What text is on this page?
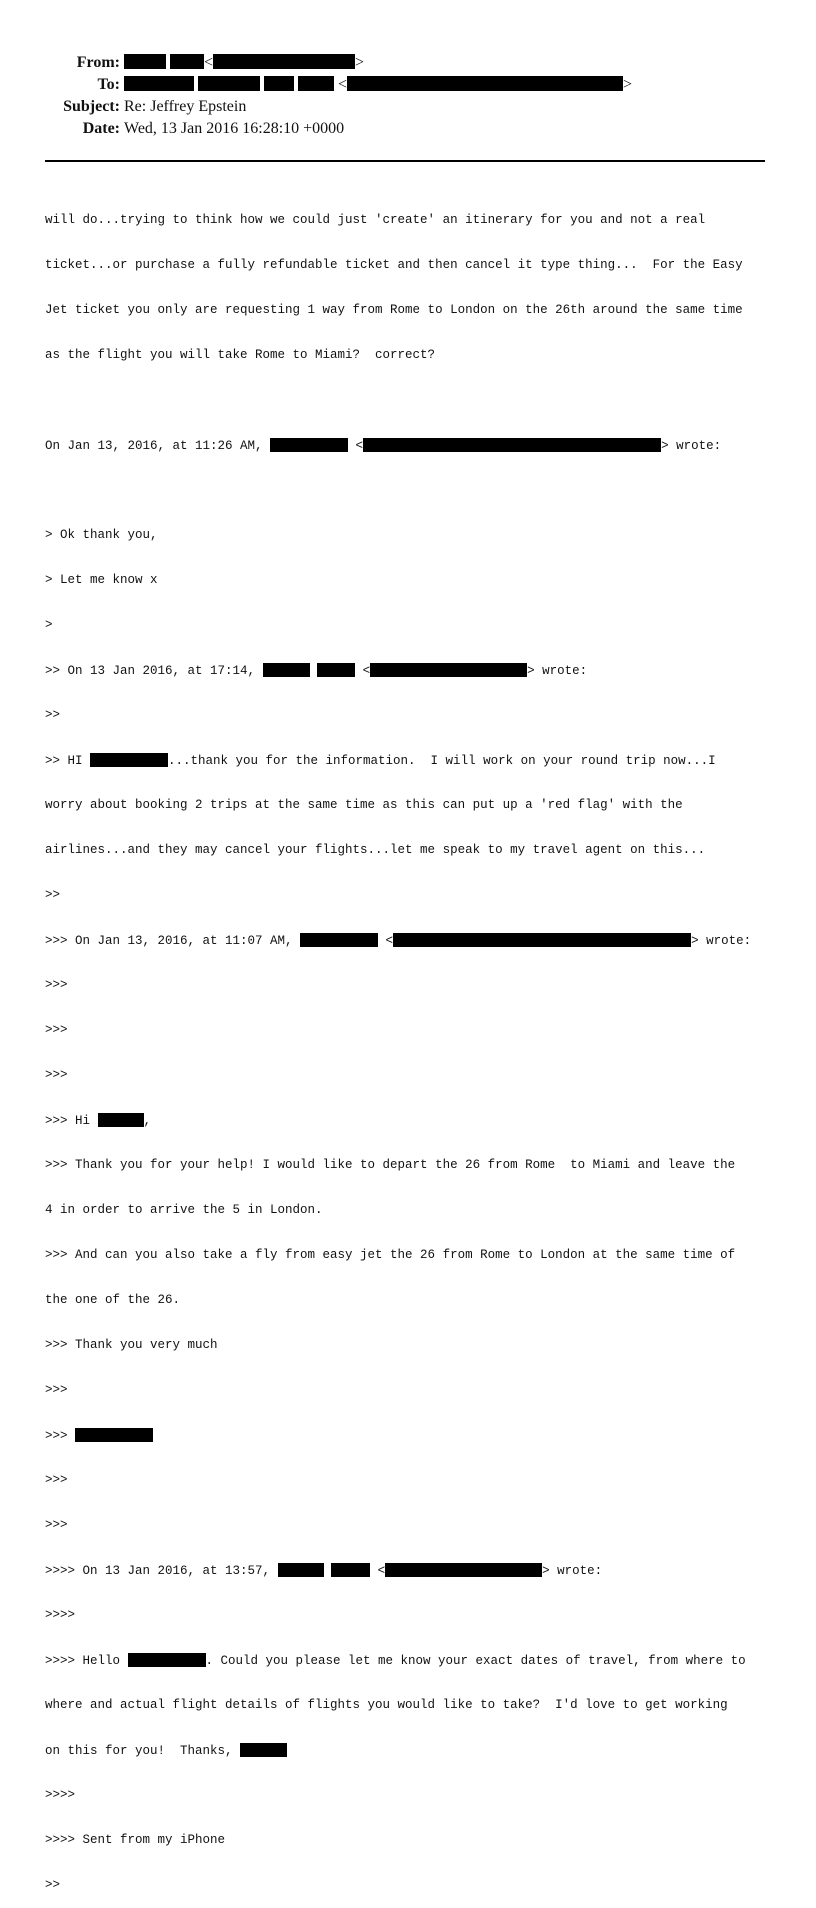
From:	<	>
To:	<	>
Subject: Re: Jeffrey Epstein
Date: Wed, 13 Jan 2016 16:28:10 +0000

will do...trying to think how we could just 'create' an itinerary for you and not a real

ticket...or purchase a fully refundable ticket and then cancel it type thing...  For the Easy

Jet ticket you only are requesting 1 way from Rome to London on the 26th around the same time

as the flight you will take Rome to Miami?  correct?

On Jan 13, 2016, at 11:26 AM,	<	> wrote:

> Ok thank you,

> Let me know x

>

>> On 13 Jan 2016, at 17:14,	<	> wrote:

>>

>> HI	...thank you for the information.  I will work on your round trip now...I

worry about booking 2 trips at the same time as this can put up a 'red flag' with the

airlines...and they may cancel your flights...let me speak to my travel agent on this...

>>

>>> On Jan 13, 2016, at 11:07 AM,	<	> wrote:

>>>

>>>

>>>

>>> Hi	,

>>> Thank you for your help! I would like to depart the 26 from Rome  to Miami and leave the

4 in order to arrive the 5 in London.

>>> And can you also take a fly from easy jet the 26 from Rome to London at the same time of

the one of the 26.

>>> Thank you very much

>>>

>>>

>>>

>>>

>>>> On 13 Jan 2016, at 13:57,	<	> wrote:

>>>>

>>>> Hello	. Could you please let me know your exact dates of travel, from where to

where and actual flight details of flights you would like to take?  I'd love to get working

on this for you!  Thanks,

>>>>

>>>> Sent from my iPhone

>>
